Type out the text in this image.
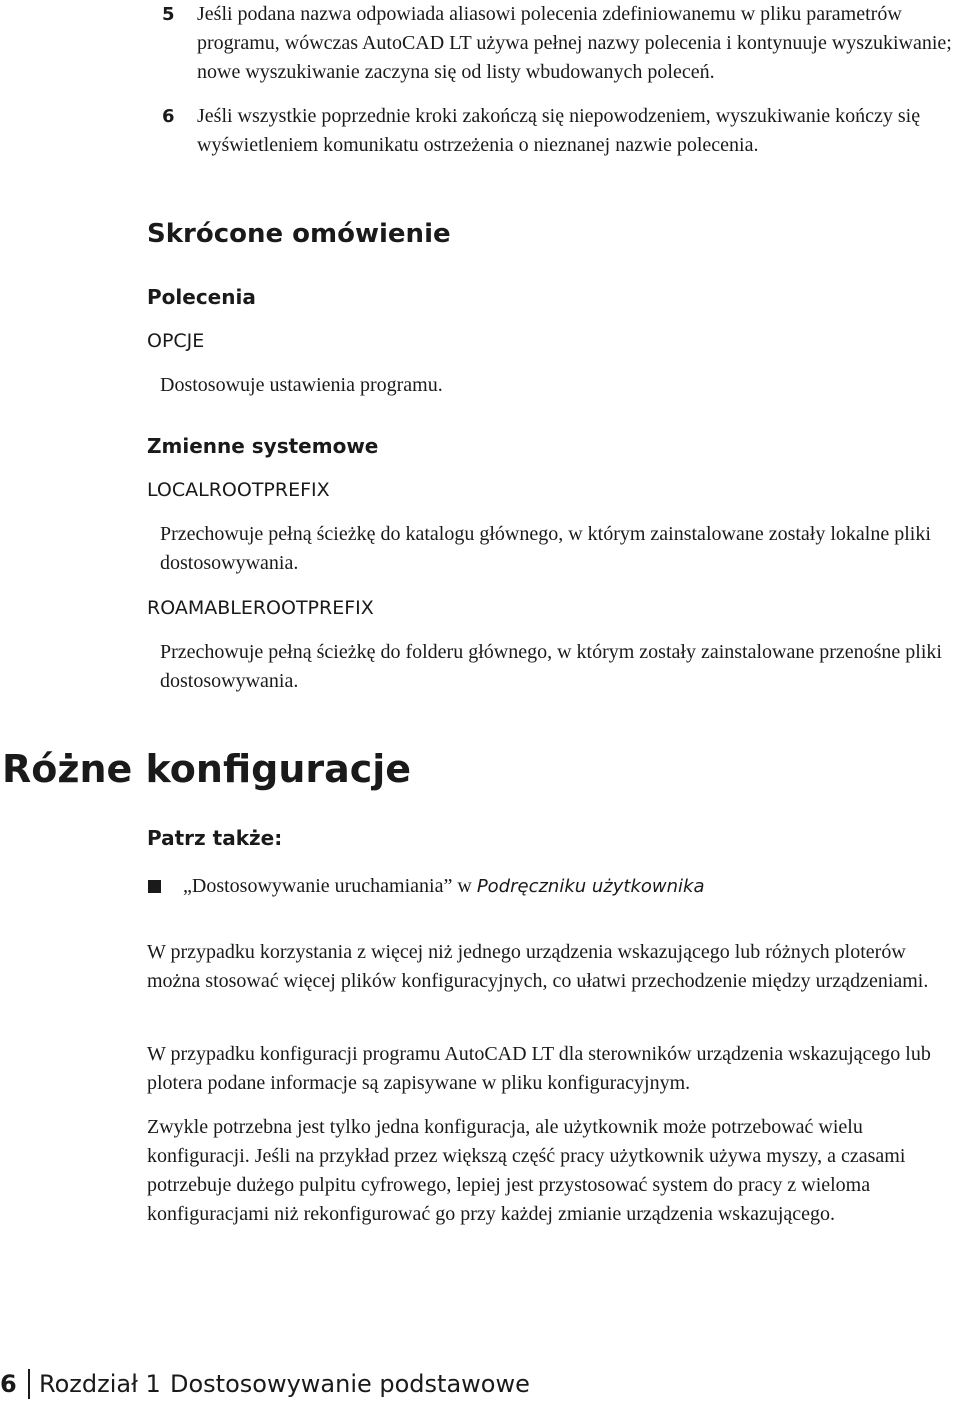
5 Jeśli podana nazwa odpowiada aliasowi polecenia zdefiniowanemu w pliku parametrów programu, wówczas AutoCAD LT używa pełnej nazwy polecenia i kontynuuje wyszukiwanie; nowe wyszukiwanie zaczyna się od listy wbudowanych poleceń.
6 Jeśli wszystkie poprzednie kroki zakończą się niepowodzeniem, wyszukiwanie kończy się wyświetleniem komunikatu ostrzeżenia o nieznanej nazwie polecenia.
Skrócone omówienie
Polecenia
OPCJE
Dostosowuje ustawienia programu.
Zmienne systemowe
LOCALROOTPREFIX
Przechowuje pełną ścieżkę do katalogu głównego, w którym zainstalowane zostały lokalne pliki dostosowywania.
ROAMABLEROOTPREFIX
Przechowuje pełną ścieżkę do folderu głównego, w którym zostały zainstalowane przenośne pliki dostosowywania.
Różne konfiguracje
Patrz także:
„Dostosowywanie uruchamiania” w Podręczniku użytkownika
W przypadku korzystania z więcej niż jednego urządzenia wskazującego lub różnych ploterów można stosować więcej plików konfiguracyjnych, co ułatwi przechodzenie między urządzeniami.
W przypadku konfiguracji programu AutoCAD LT dla sterowników urządzenia wskazującego lub plotera podane informacje są zapisywane w pliku konfiguracyjnym.
Zwykle potrzebna jest tylko jedna konfiguracja, ale użytkownik może potrzebować wielu konfiguracji. Jeśli na przykład przez większą część pracy użytkownik używa myszy, a czasami potrzebuje dużego pulpitu cyfrowego, lepiej jest przystosować system do pracy z wieloma konfiguracjami niż rekonfigurować go przy każdej zmianie urządzenia wskazującego.
6 Rozdział 1 Dostosowywanie podstawowe
